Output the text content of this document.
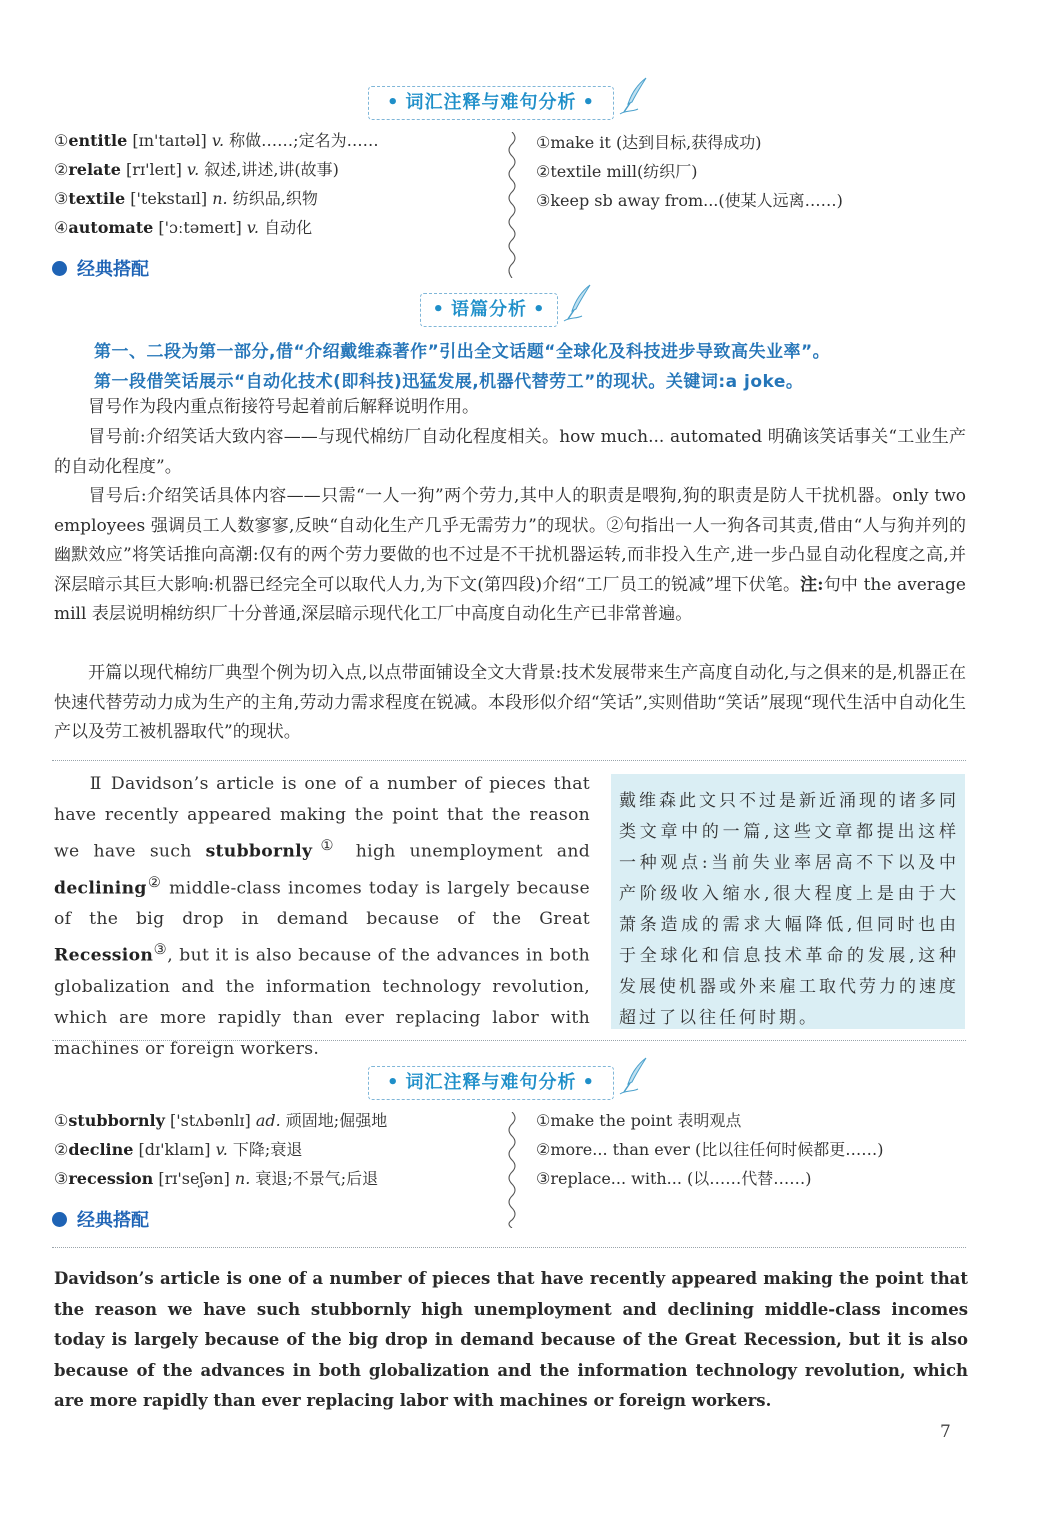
• 词汇注释与难句分析 •
①entitle [ɪn'taɪtəl] v. 称做……;定名为……
②relate [rɪ'leɪt] v. 叙述,讲述,讲(故事)
③textile ['tekstaɪl] n. 纺织品,织物
④automate ['ɔːtəmeɪt] v. 自动化
①make it (达到目标,获得成功)
②textile mill(纺织厂)
③keep sb away from...(使某人远离……)
经典搭配
• 语篇分析 •
第一、二段为第一部分,借“介绍戴维森著作”引出全文话题“全球化及科技进步导致高失业率”。
第一段借笑话展示“自动化技术(即科技)迅猛发展,机器代替劳工”的现状。关键词:a joke。
冒号作为段内重点衔接符号起着前后解释说明作用。
冒号前:介绍笑话大致内容——与现代棉纺厂自动化程度相关。how much... automated 明确该笑话事关“工业生产的自动化程度”。
冒号后:介绍笑话具体内容——只需“一人一狗”两个劳力,其中人的职责是喂狗,狗的职责是防人干扰机器。only two employees 强调员工人数寥寥,反映“自动化生产几乎无需劳力”的现状。②句指出一人一狗各司其责,借由“人与狗并列的幽默效应”将笑话推向高潮:仅有的两个劳力要做的也不过是不干扰机器运转,而非投入生产,进一步凸显自动化程度之高,并深层暗示其巨大影响:机器已经完全可以取代人力,为下文(第四段)介绍“工厂员工的锐减”埋下伏笔。注:句中 the average mill 表层说明棉纺织厂十分普通,深层暗示现代化工厂中高度自动化生产已非常普遍。
开篇以现代棉纺厂典型个例为切入点,以点带面铺设全文大背景:技术发展带来生产高度自动化,与之俱来的是,机器正在快速代替劳动力成为生产的主角,劳动力需求程度在锐减。本段形似介绍“笑话”,实则借助“笑话”展现“现代生活中自动化生产以及劳工被机器取代”的现状。
Ⅱ Davidson’s article is one of a number of pieces that have recently appeared making the point that the reason we have such stubbornly① high unemployment and declining② middle-class incomes today is largely because of the big drop in demand because of the Great Recession③, but it is also because of the advances in both globalization and the information technology revolution, which are more rapidly than ever replacing labor with machines or foreign workers.

戴维森此文只不过是新近涌现的诸多同类文章中的一篇,这些文章都提出这样一种观点:当前失业率居高不下以及中产阶级收入缩水,很大程度上是由于大萧条造成的需求大幅降低,但同时也由于全球化和信息技术革命的发展,这种发展使机器或外来雇工取代劳力的速度超过了以往任何时期。

• 词汇注释与难句分析 •
①stubbornly ['stʌbənlɪ] ad. 顽固地;倔强地
②decline [dɪ'klaɪn] v. 下降;衰退
③recession [rɪ'seʃən] n. 衰退;不景气;后退
①make the point 表明观点
②more... than ever (比以往任何时候都更……)
③replace... with... (以……代替……)
经典搭配
Davidson’s article is one of a number of pieces that have recently appeared making the point that the reason we have such stubbornly high unemployment and declining middle-class incomes today is largely because of the big drop in demand because of the Great Recession, but it is also because of the advances in both globalization and the information technology revolution, which are more rapidly than ever replacing labor with machines or foreign workers.
7
